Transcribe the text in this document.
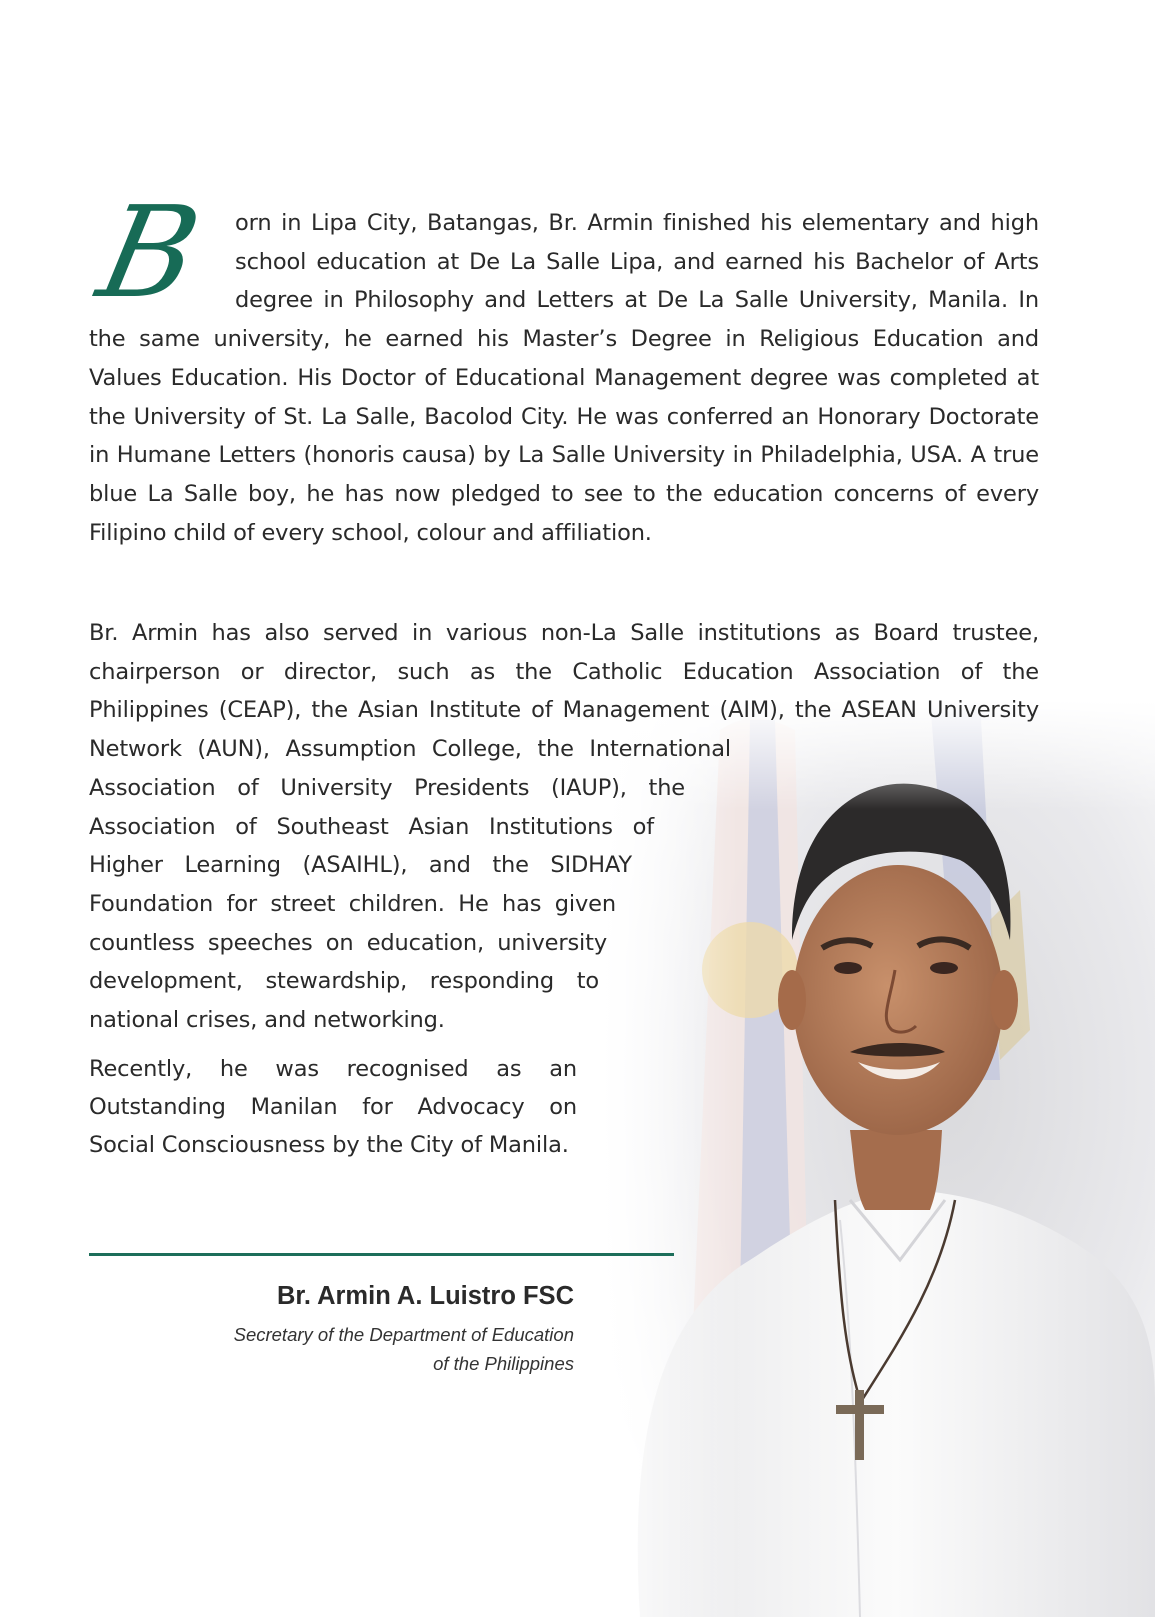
B orn in Lipa City, Batangas, Br. Armin finished his elementary and high school education at De La Salle Lipa, and earned his Bachelor of Arts degree in Philosophy and Letters at De La Salle University, Manila. In the same university, he earned his Master’s Degree in Religious Education and Values Education. His Doctor of Educational Management degree was completed at the University of St. La Salle, Bacolod City. He was conferred an Honorary Doctorate in Humane Letters (honoris causa) by La Salle University in Philadelphia, USA. A true blue La Salle boy, he has now pledged to see to the education concerns of every Filipino child of every school, colour and affiliation.

Br. Armin has also served in various non-La Salle institutions as Board trustee,
chairperson or director, such as the Catholic Education Association of the
Philippines (CEAP), the Asian Institute of Management (AIM), the ASEAN University
Network (AUN), Assumption College, the International
Association of University Presidents (IAUP), the
Association of Southeast Asian Institutions of
Higher Learning (ASAIHL), and the SIDHAY
Foundation for street children. He has given
countless speeches on education, university
development, stewardship, responding to
national crises, and networking.

Recently, he was recognised as an Outstanding Manilan for Advocacy on Social Consciousness by the City of Manila.

Br. Armin A. Luistro FSC

Secretary of the Department of Education
of the Philippines
